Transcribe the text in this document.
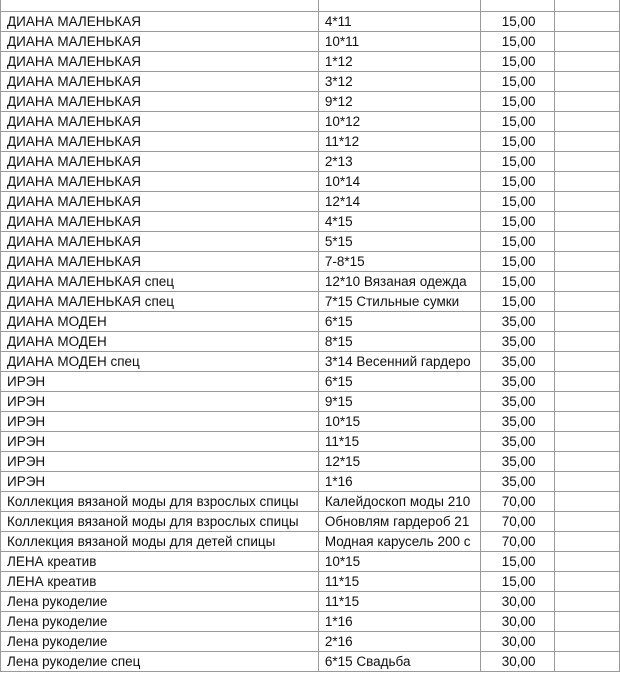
ДИАНА МАЛЕНЬКАЯ	4*11	15,00	
ДИАНА МАЛЕНЬКАЯ	10*11	15,00	
ДИАНА МАЛЕНЬКАЯ	1*12	15,00	
ДИАНА МАЛЕНЬКАЯ	3*12	15,00	
ДИАНА МАЛЕНЬКАЯ	9*12	15,00	
ДИАНА МАЛЕНЬКАЯ	10*12	15,00	
ДИАНА МАЛЕНЬКАЯ	11*12	15,00	
ДИАНА МАЛЕНЬКАЯ	2*13	15,00	
ДИАНА МАЛЕНЬКАЯ	10*14	15,00	
ДИАНА МАЛЕНЬКАЯ	12*14	15,00	
ДИАНА МАЛЕНЬКАЯ	4*15	15,00	
ДИАНА МАЛЕНЬКАЯ	5*15	15,00	
ДИАНА МАЛЕНЬКАЯ	7-8*15	15,00	
ДИАНА МАЛЕНЬКАЯ спец	12*10 Вязаная одежда	15,00	
ДИАНА МАЛЕНЬКАЯ спец	7*15 Стильные сумки	15,00	
ДИАНА МОДЕН	6*15	35,00	
ДИАНА МОДЕН	8*15	35,00	
ДИАНА МОДЕН спец	3*14 Весенний гардеро	35,00	
ИРЭН	6*15	35,00	
ИРЭН	9*15	35,00	
ИРЭН	10*15	35,00	
ИРЭН	11*15	35,00	
ИРЭН	12*15	35,00	
ИРЭН	1*16	35,00	
Коллекция вязаной моды для взрослых спицы	Калейдоскоп моды 210	70,00	
Коллекция вязаной моды для взрослых спицы	Обновлям гардероб 21	70,00	
Коллекция вязаной моды для детей спицы	Модная карусель 200 с	70,00	
ЛЕНА креатив	10*15	15,00	
ЛЕНА креатив	11*15	15,00	
Лена рукоделие	11*15	30,00	
Лена рукоделие	1*16	30,00	
Лена рукоделие	2*16	30,00	
Лена рукоделие спец	6*15 Свадьба	30,00	
